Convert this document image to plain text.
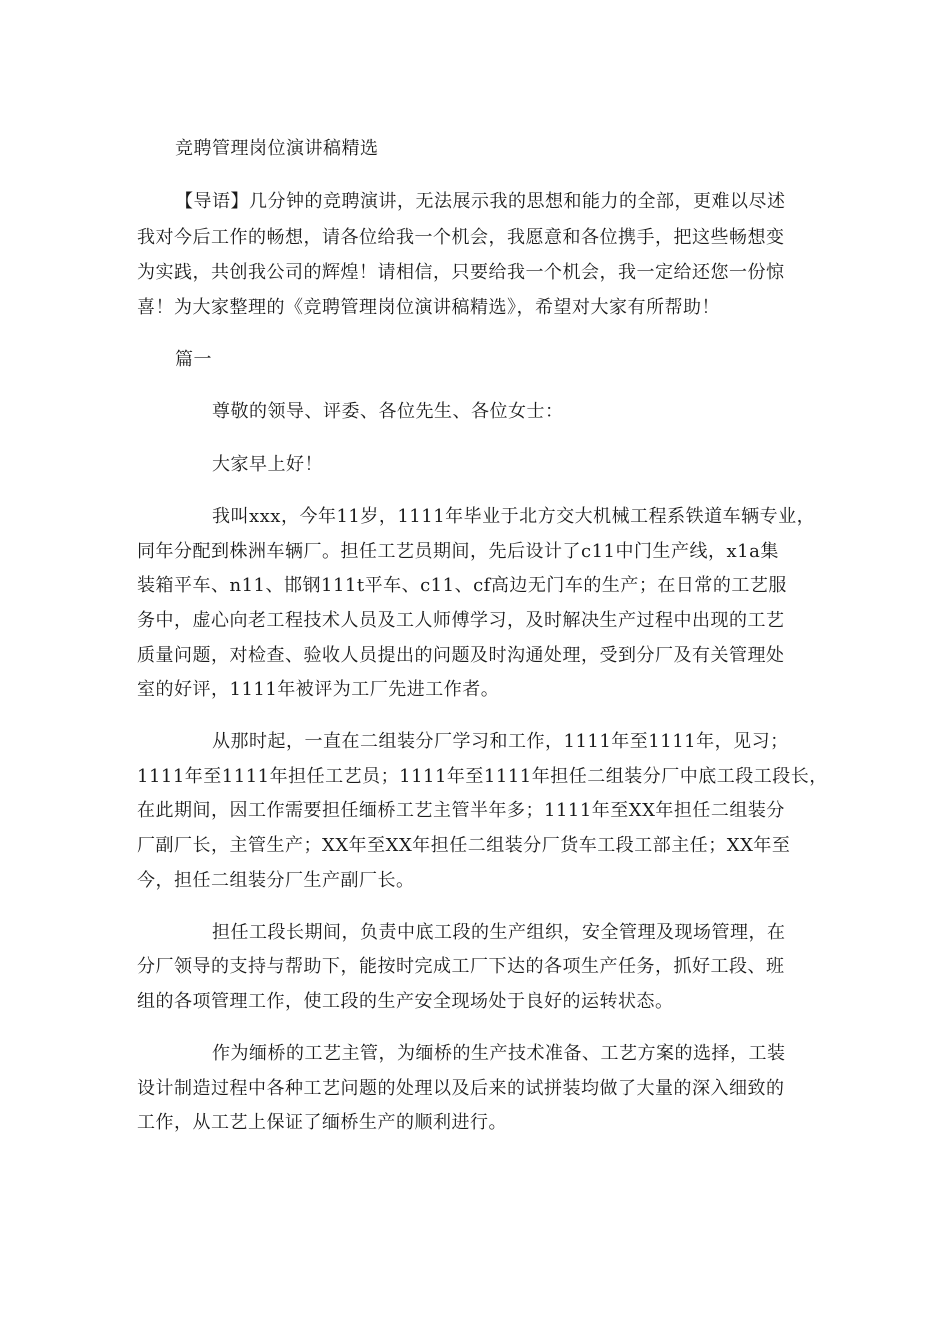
竞聘管理岗位演讲稿精选
【导语】几分钟的竞聘演讲，无法展示我的思想和能力的全部，更难以尽述
我对今后工作的畅想，请各位给我一个机会，我愿意和各位携手，把这些畅想变
为实践，共创我公司的辉煌！请相信，只要给我一个机会，我一定给还您一份惊
喜！为大家整理的《竞聘管理岗位演讲稿精选》，希望对大家有所帮助！
篇一
尊敬的领导、评委、各位先生、各位女士：
大家早上好！
我叫xxx，今年11岁，1111年毕业于北方交大机械工程系铁道车辆专业，
同年分配到株洲车辆厂。担任工艺员期间，先后设计了c11中门生产线，x1a集
装箱平车、n11、邯钢111t平车、c11、cf高边无门车的生产；在日常的工艺服
务中，虚心向老工程技术人员及工人师傅学习，及时解决生产过程中出现的工艺
质量问题，对检查、验收人员提出的问题及时沟通处理，受到分厂及有关管理处
室的好评，1111年被评为工厂先进工作者。
从那时起，一直在二组装分厂学习和工作，1111年至1111年，见习；
1111年至1111年担任工艺员；1111年至1111年担任二组装分厂中底工段工段长，
在此期间，因工作需要担任缅桥工艺主管半年多；1111年至XX年担任二组装分
厂副厂长，主管生产；XX年至XX年担任二组装分厂货车工段工部主任；XX年至
今，担任二组装分厂生产副厂长。
担任工段长期间，负责中底工段的生产组织，安全管理及现场管理，在
分厂领导的支持与帮助下，能按时完成工厂下达的各项生产任务，抓好工段、班
组的各项管理工作，使工段的生产安全现场处于良好的运转状态。
作为缅桥的工艺主管，为缅桥的生产技术准备、工艺方案的选择，工装
设计制造过程中各种工艺问题的处理以及后来的试拼装均做了大量的深入细致的
工作，从工艺上保证了缅桥生产的顺利进行。
